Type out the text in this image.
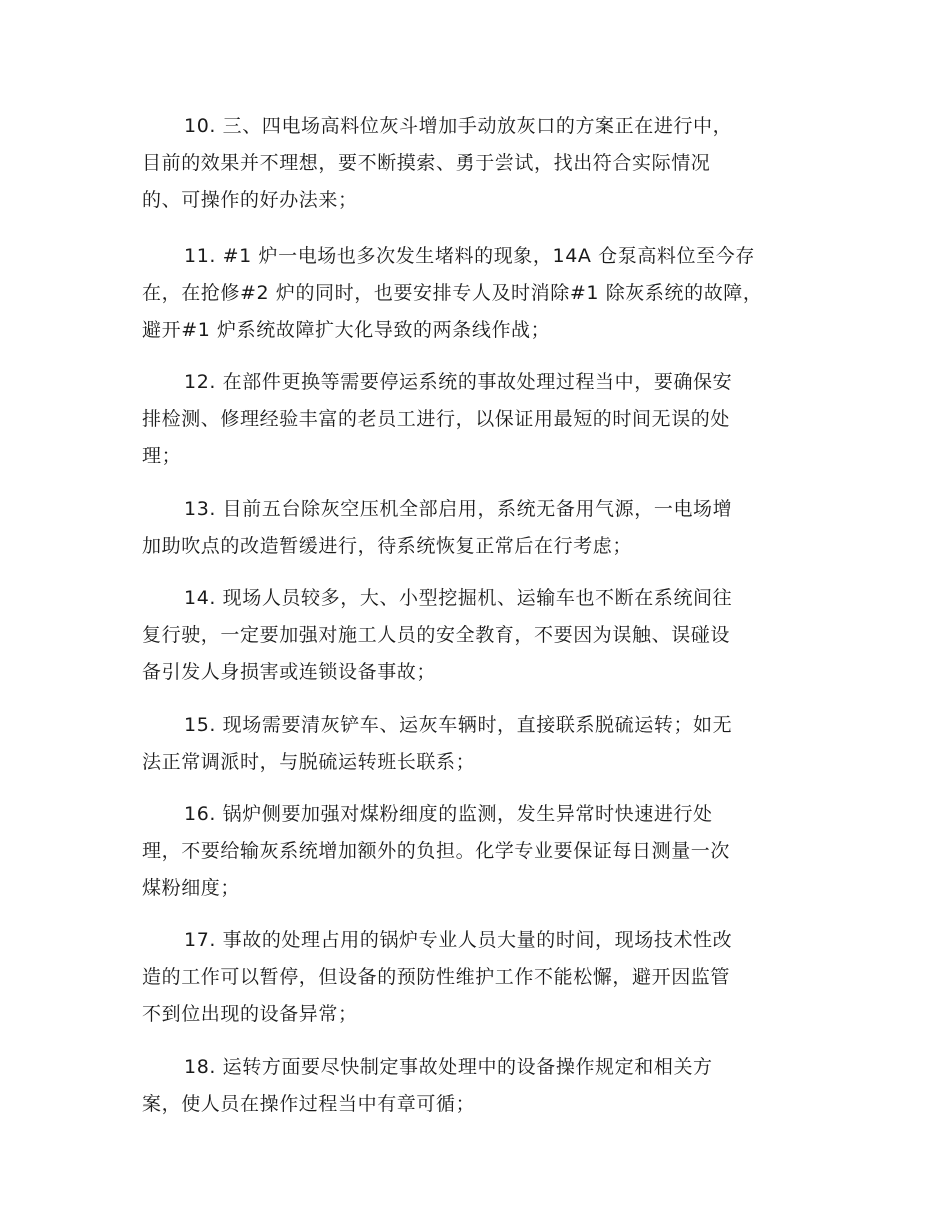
10. 三、四电场高料位灰斗增加手动放灰口的方案正在进行中，
目前的效果并不理想，要不断摸索、勇于尝试，找出符合实际情况
的、可操作的好办法来；
11. #1 炉一电场也多次发生堵料的现象，14A 仓泵高料位至今存
在，在抢修#2 炉的同时，也要安排专人及时消除#1 除灰系统的故障，
避开#1 炉系统故障扩大化导致的两条线作战；
12. 在部件更换等需要停运系统的事故处理过程当中，要确保安
排检测、修理经验丰富的老员工进行，以保证用最短的时间无误的处
理；
13. 目前五台除灰空压机全部启用，系统无备用气源，一电场增
加助吹点的改造暂缓进行，待系统恢复正常后在行考虑；
14. 现场人员较多，大、小型挖掘机、运输车也不断在系统间往
复行驶，一定要加强对施工人员的安全教育，不要因为误触、误碰设
备引发人身损害或连锁设备事故；
15. 现场需要清灰铲车、运灰车辆时，直接联系脱硫运转；如无
法正常调派时，与脱硫运转班长联系；
16. 锅炉侧要加强对煤粉细度的监测，发生异常时快速进行处
理，不要给输灰系统增加额外的负担。化学专业要保证每日测量一次
煤粉细度；
17. 事故的处理占用的锅炉专业人员大量的时间，现场技术性改
造的工作可以暂停，但设备的预防性维护工作不能松懈，避开因监管
不到位出现的设备异常；
18. 运转方面要尽快制定事故处理中的设备操作规定和相关方
案，使人员在操作过程当中有章可循；
